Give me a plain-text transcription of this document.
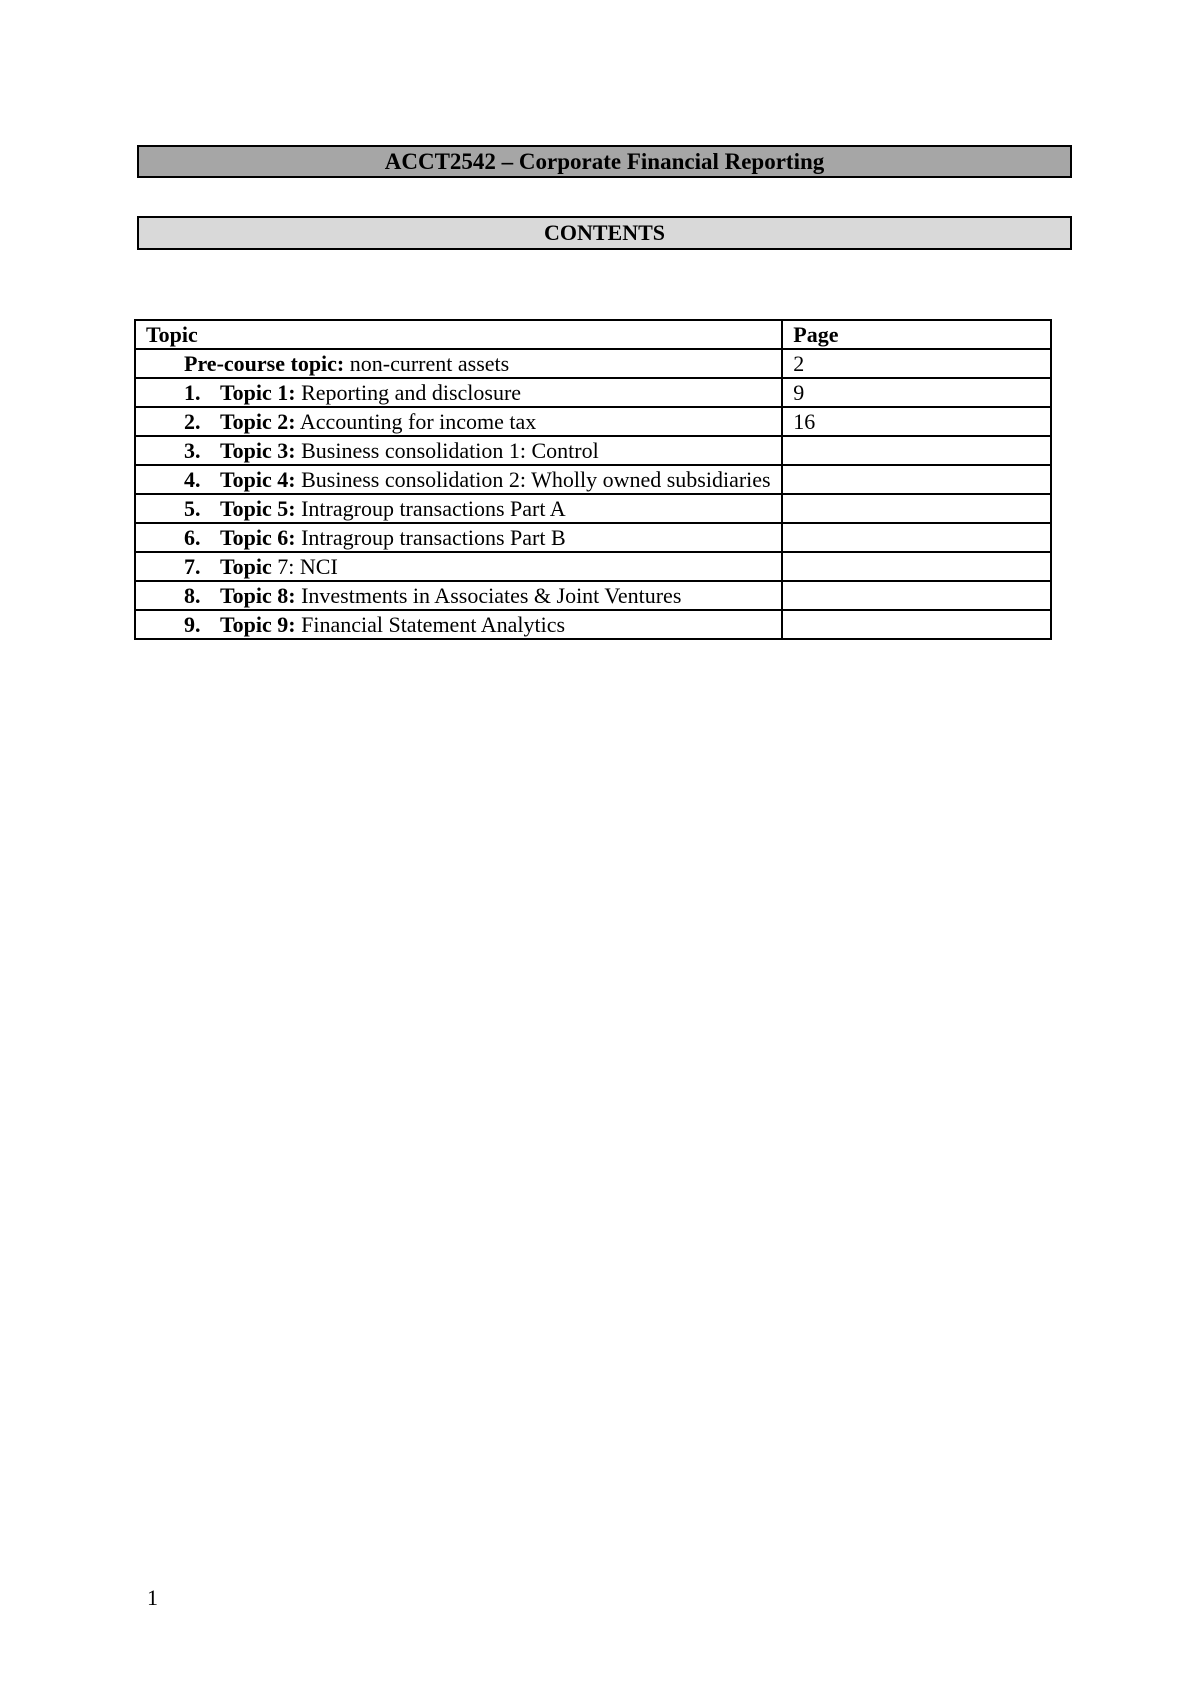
ACCT2542 – Corporate Financial Reporting
CONTENTS
Topic	Page

Pre-course topic: non-current assets	2

1. Topic 1: Reporting and disclosure	9

2. Topic 2: Accounting for income tax	16

3. Topic 3: Business consolidation 1: Control	

4. Topic 4: Business consolidation 2: Wholly owned subsidiaries	

5. Topic 5: Intragroup transactions Part A	

6. Topic 6: Intragroup transactions Part B	

7. Topic 7: NCI	

8. Topic 8: Investments in Associates & Joint Ventures	

9. Topic 9: Financial Statement Analytics	

1
